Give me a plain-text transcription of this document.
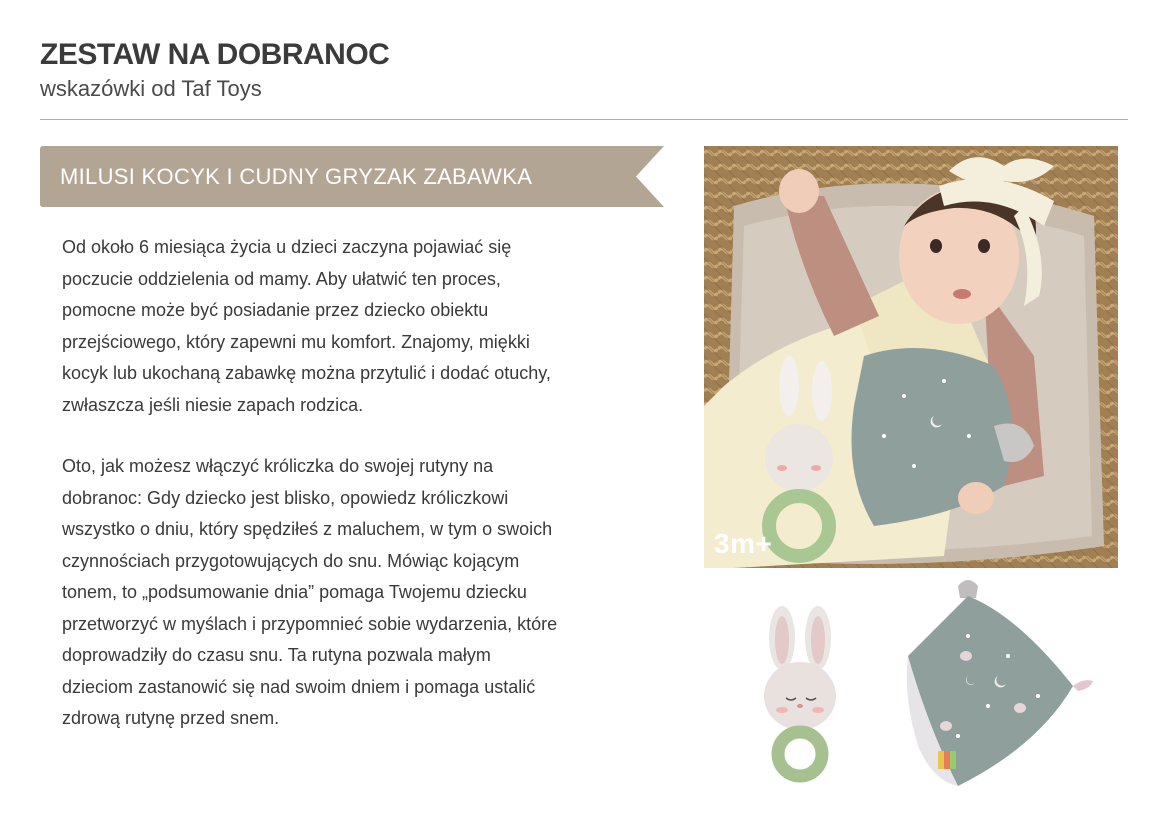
ZESTAW NA DOBRANOC
wskazówki od Taf Toys
MILUSI KOCYK I CUDNY GRYZAK ZABAWKA
Od około 6 miesiąca życia u dzieci zaczyna pojawiać się
poczucie oddzielenia od mamy. Aby ułatwić ten proces,
pomocne może być posiadanie przez dziecko obiektu
przejściowego, który zapewni mu komfort. Znajomy, miękki
kocyk lub ukochaną zabawkę można przytulić i dodać otuchy,
zwłaszcza jeśli niesie zapach rodzica.
Oto, jak możesz włączyć króliczka do swojej rutyny na
dobranoc: Gdy dziecko jest blisko, opowiedz króliczkowi
wszystko o dniu, który spędziłeś z maluchem, w tym o swoich
czynnościach przygotowujących do snu. Mówiąc kojącym
tonem, to „podsumowanie dnia” pomaga Twojemu dziecku
przetworzyć w myślach i przypomnieć sobie wydarzenia, które
doprowadziły do czasu snu. Ta rutyna pozwala małym
dzieciom zastanowić się nad swoim dniem i pomaga ustalić
zdrową rutynę przed snem.
3m+
